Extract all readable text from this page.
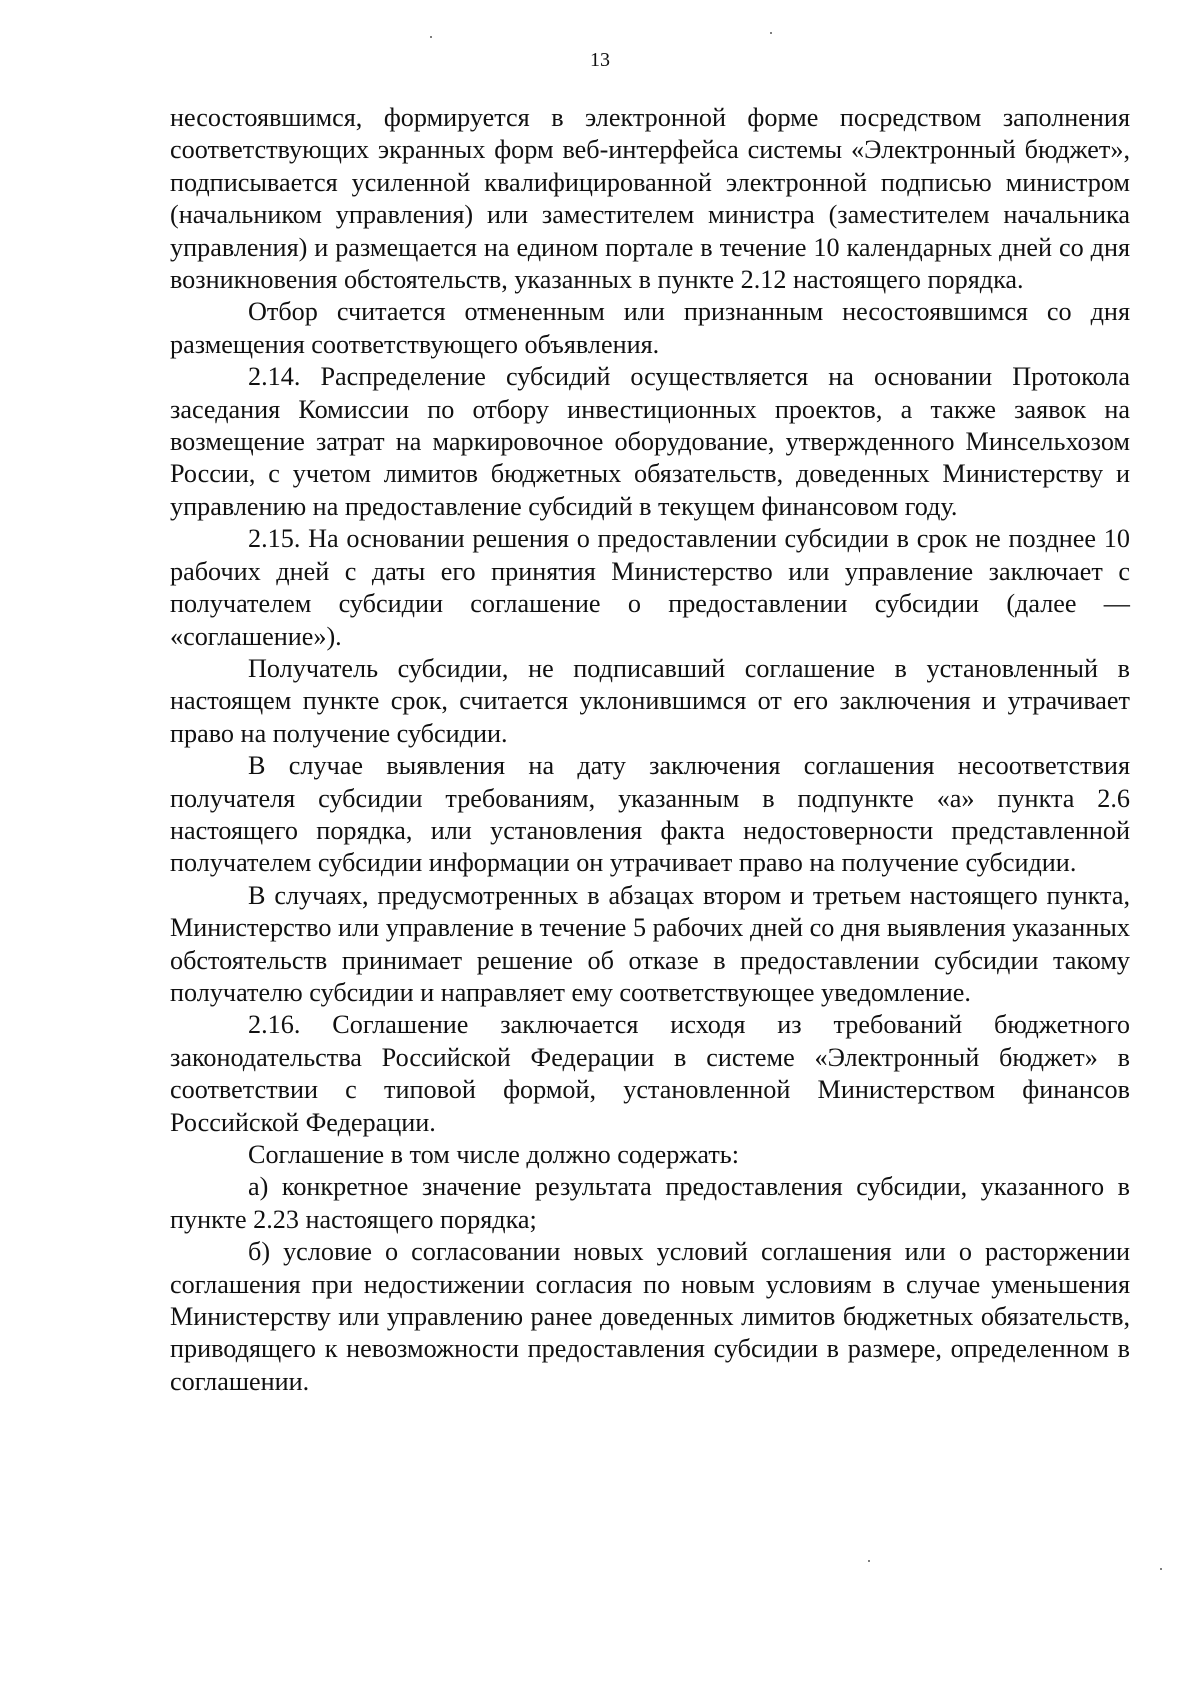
13

несостоявшимся, формируется в электронной форме посредством заполнения соответствующих экранных форм веб-интерфейса системы «Электронный бюджет», подписывается усиленной квалифицированной электронной подписью министром (начальником управления) или заместителем министра (заместителем начальника управления) и размещается на едином портале в течение 10 календарных дней со дня возникновения обстоятельств, указанных в пункте 2.12 настоящего порядка.

Отбор считается отмененным или признанным несостоявшимся со дня размещения соответствующего объявления.

2.14. Распределение субсидий осуществляется на основании Протокола заседания Комиссии по отбору инвестиционных проектов, а также заявок на возмещение затрат на маркировочное оборудование, утвержденного Минсельхозом России, с учетом лимитов бюджетных обязательств, доведенных Министерству и управлению на предоставление субсидий в текущем финансовом году.

2.15. На основании решения о предоставлении субсидии в срок не позднее 10 рабочих дней с даты его принятия Министерство или управление заключает с получателем субсидии соглашение о предоставлении субсидии (далее — «соглашение»).

Получатель субсидии, не подписавший соглашение в установленный в настоящем пункте срок, считается уклонившимся от его заключения и утрачивает право на получение субсидии.

В случае выявления на дату заключения соглашения несоответствия получателя субсидии требованиям, указанным в подпункте «а» пункта 2.6 настоящего порядка, или установления факта недостоверности представленной получателем субсидии информации он утрачивает право на получение субсидии.

В случаях, предусмотренных в абзацах втором и третьем настоящего пункта, Министерство или управление в течение 5 рабочих дней со дня выявления указанных обстоятельств принимает решение об отказе в предоставлении субсидии такому получателю субсидии и направляет ему соответствующее уведомление.

2.16. Соглашение заключается исходя из требований бюджетного законодательства Российской Федерации в системе «Электронный бюджет» в соответствии с типовой формой, установленной Министерством финансов Российской Федерации.

Соглашение в том числе должно содержать:

а) конкретное значение результата предоставления субсидии, указанного в пункте 2.23 настоящего порядка;

б) условие о согласовании новых условий соглашения или о расторжении соглашения при недостижении согласия по новым условиям в случае уменьшения Министерству или управлению ранее доведенных лимитов бюджетных обязательств, приводящего к невозможности предоставления субсидии в размере, определенном в соглашении.
